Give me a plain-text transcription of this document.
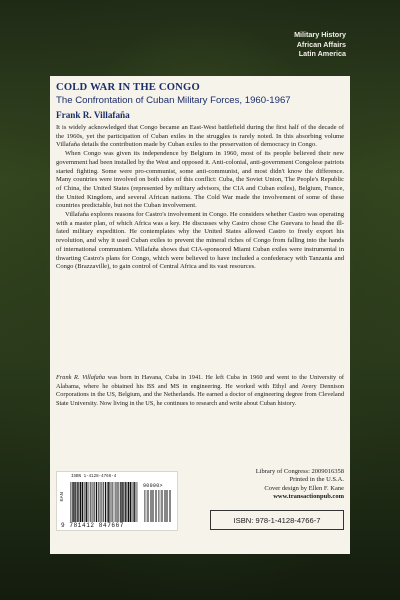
Military History
African Affairs
Latin America
COLD WAR IN THE CONGO
The Confrontation of Cuban Military Forces, 1960-1967
Frank R. Villafaña

It is widely acknowledged that Congo became an East-West battlefield during the first half of the decade of the 1960s, yet the participation of Cuban exiles in the struggles is rarely noted. In this absorbing volume Villafaña details the contribution made by Cuban exiles to the preservation of democracy in Congo.

When Congo was given its independence by Belgium in 1960, most of its people believed their new government had been installed by the West and opposed it. Anti-colonial, anti-government Congolese patriots started fighting. Some were pro-communist, some anti-communist, and most didn't know the difference. Many countries were involved on both sides of this conflict: Cuba, the Soviet Union, The People's Republic of China, the United States (represented by military advisors, the CIA and Cuban exiles), Belgium, France, the United Kingdom, and several African nations. The Cold War made the involvement of some of these countries predictable, but not the Cuban involvement.

Villafaña explores reasons for Castro's involvement in Congo. He considers whether Castro was operating with a master plan, of which Africa was a key. He discusses why Castro chose Che Guevara to head the ill-fated military expedition. He contemplates why the United States allowed Castro to freely export his revolution, and why it used Cuban exiles to prevent the mineral riches of Congo from falling into the hands of international communism. Villafaña shows that CIA-sponsored Miami Cuban exiles were instrumental in thwarting Castro's plans for Congo, which were believed to have included a confederacy with Tanzania and Congo (Brazzaville), to gain control of Central Africa and its vast resources.

Frank R. Villafaña was born in Havana, Cuba in 1941. He left Cuba in 1960 and went to the University of Alabama, where he obtained his BS and MS in engineering. He worked with Ethyl and Avery Dennison Corporations in the US, Belgium, and the Netherlands. He earned a doctor of engineering degree from Cleveland State University. Now living in the US, he continues to research and write about Cuban history.
ISBN 1-4128-4766-4
EAN
90000>
9 781412 847667
Library of Congress: 2009016358
Printed in the U.S.A.
Cover design by Ellen F. Kane
www.transactionpub.com
ISBN: 978-1-4128-4766-7
